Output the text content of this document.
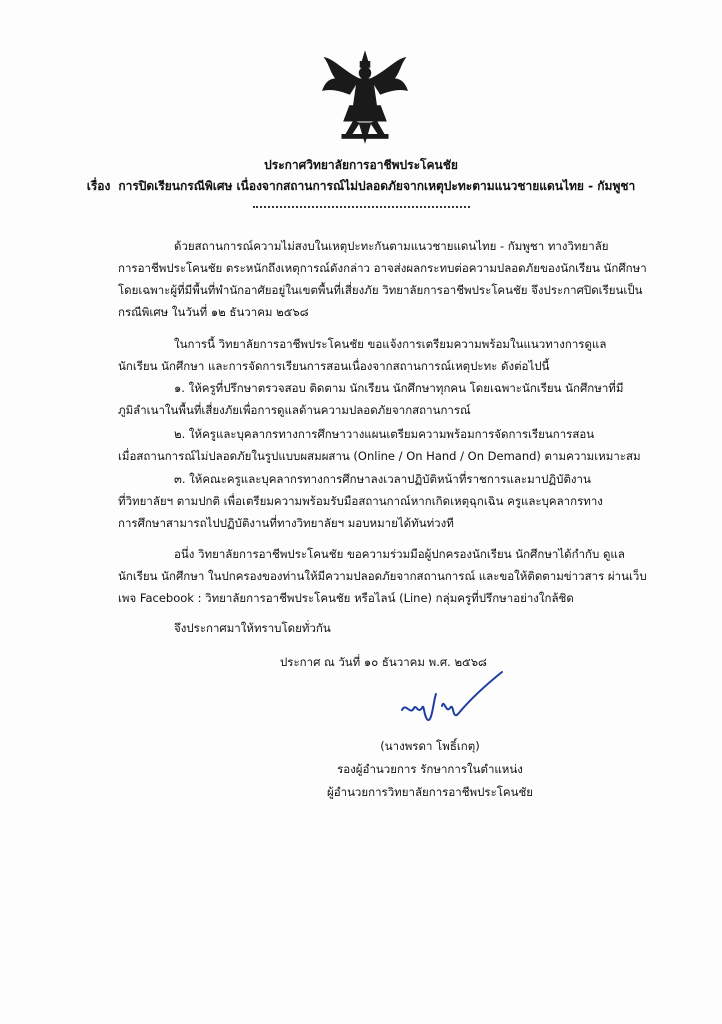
ประกาศวิทยาลัยการอาชีพประโคนชัย
เรื่อง การปิดเรียนกรณีพิเศษ เนื่องจากสถานการณ์ไม่ปลอดภัยจากเหตุปะทะตามแนวชายแดนไทย - กัมพูชา
ด้วยสถานการณ์ความไม่สงบในเหตุปะทะกันตามแนวชายแดนไทย - กัมพูชา ทางวิทยาลัย
การอาชีพประโคนชัย ตระหนักถึงเหตุการณ์ดังกล่าว อาจส่งผลกระทบต่อความปลอดภัยของนักเรียน นักศึกษา
โดยเฉพาะผู้ที่มีพื้นที่พำนักอาศัยอยู่ในเขตพื้นที่เสี่ยงภัย วิทยาลัยการอาชีพประโคนชัย จึงประกาศปิดเรียนเป็น
กรณีพิเศษ ในวันที่ ๑๒ ธันวาคม ๒๕๖๘
ในการนี้ วิทยาลัยการอาชีพประโคนชัย ขอแจ้งการเตรียมความพร้อมในแนวทางการดูแล
นักเรียน นักศึกษา และการจัดการเรียนการสอนเนื่องจากสถานการณ์เหตุปะทะ ดังต่อไปนี้
๑. ให้ครูที่ปรึกษาตรวจสอบ ติดตาม นักเรียน นักศึกษาทุกคน โดยเฉพาะนักเรียน นักศึกษาที่มี
ภูมิลำเนาในพื้นที่เสี่ยงภัยเพื่อการดูแลด้านความปลอดภัยจากสถานการณ์
๒. ให้ครูและบุคลากรทางการศึกษาวางแผนเตรียมความพร้อมการจัดการเรียนการสอน
เมื่อสถานการณ์ไม่ปลอดภัยในรูปแบบผสมผสาน (Online / On Hand / On Demand) ตามความเหมาะสม
๓. ให้คณะครูและบุคลากรทางการศึกษาลงเวลาปฏิบัติหน้าที่ราชการและมาปฏิบัติงาน
ที่วิทยาลัยฯ ตามปกติ เพื่อเตรียมความพร้อมรับมือสถานกาณ์หากเกิดเหตุฉุกเฉิน ครูและบุคลากรทาง
การศึกษาสามารถไปปฏิบัติงานที่ทางวิทยาลัยฯ มอบหมายได้ทันท่วงที
อนึ่ง วิทยาลัยการอาชีพประโคนชัย ขอความร่วมมือผู้ปกครองนักเรียน นักศึกษาได้กำกับ ดูแล
นักเรียน นักศึกษา ในปกครองของท่านให้มีความปลอดภัยจากสถานการณ์ และขอให้ติดตามข่าวสาร ผ่านเว็บ
เพจ Facebook : วิทยาลัยการอาชีพประโคนชัย หรือไลน์ (Line) กลุ่มครูที่ปรึกษาอย่างใกล้ชิด
จึงประกาศมาให้ทราบโดยทั่วกัน
ประกาศ ณ วันที่ ๑๐ ธันวาคม พ.ศ. ๒๕๖๘
(นางพรดา โพธิ์เกตุ)
รองผู้อำนวยการ รักษาการในตำแหน่ง
ผู้อำนวยการวิทยาลัยการอาชีพประโคนชัย
